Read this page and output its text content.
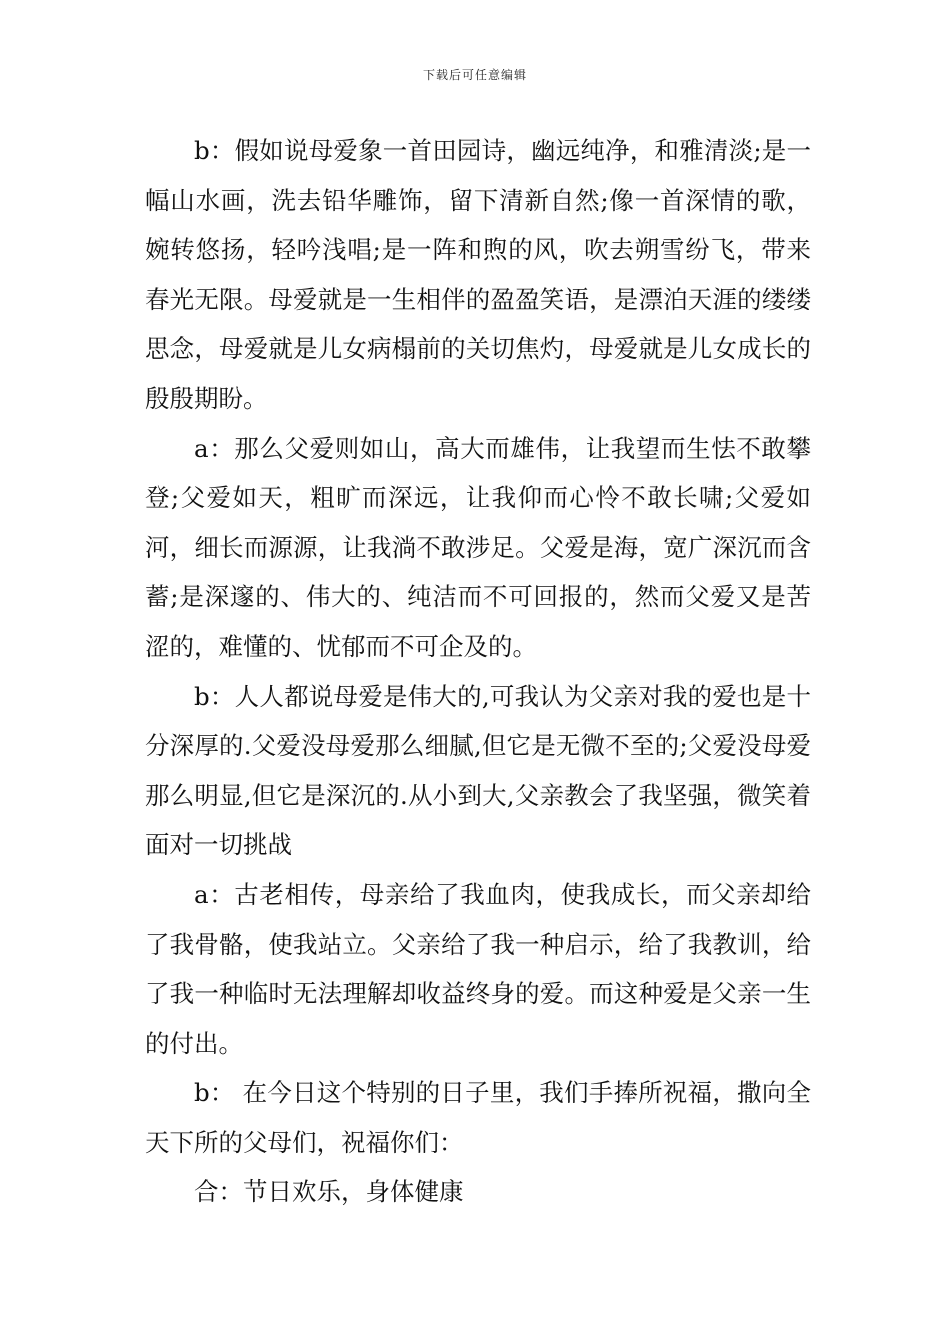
下载后可任意编辑

b：假如说母爱象一首田园诗，幽远纯净，和雅清淡;是一幅山水画，洗去铅华雕饰，留下清新自然;像一首深情的歌，婉转悠扬，轻吟浅唱;是一阵和煦的风，吹去朔雪纷飞，带来春光无限。母爱就是一生相伴的盈盈笑语，是漂泊天涯的缕缕思念，母爱就是儿女病榻前的关切焦灼，母爱就是儿女成长的殷殷期盼。

a：那么父爱则如山，高大而雄伟，让我望而生怯不敢攀登;父爱如天，粗旷而深远，让我仰而心怜不敢长啸;父爱如河，细长而源源，让我淌不敢涉足。父爱是海，宽广深沉而含蓄;是深邃的、伟大的、纯洁而不可回报的，然而父爱又是苦涩的，难懂的、忧郁而不可企及的。

b：人人都说母爱是伟大的,可我认为父亲对我的爱也是十分深厚的.父爱没母爱那么细腻,但它是无微不至的;父爱没母爱那么明显,但它是深沉的.从小到大,父亲教会了我坚强，微笑着面对一切挑战

a：古老相传，母亲给了我血肉，使我成长，而父亲却给了我骨骼，使我站立。父亲给了我一种启示，给了我教训，给了我一种临时无法理解却收益终身的爱。而这种爱是父亲一生的付出。

b： 在今日这个特别的日子里，我们手捧所祝福，撒向全天下所的父母们，祝福你们：

合：节日欢乐，身体健康
